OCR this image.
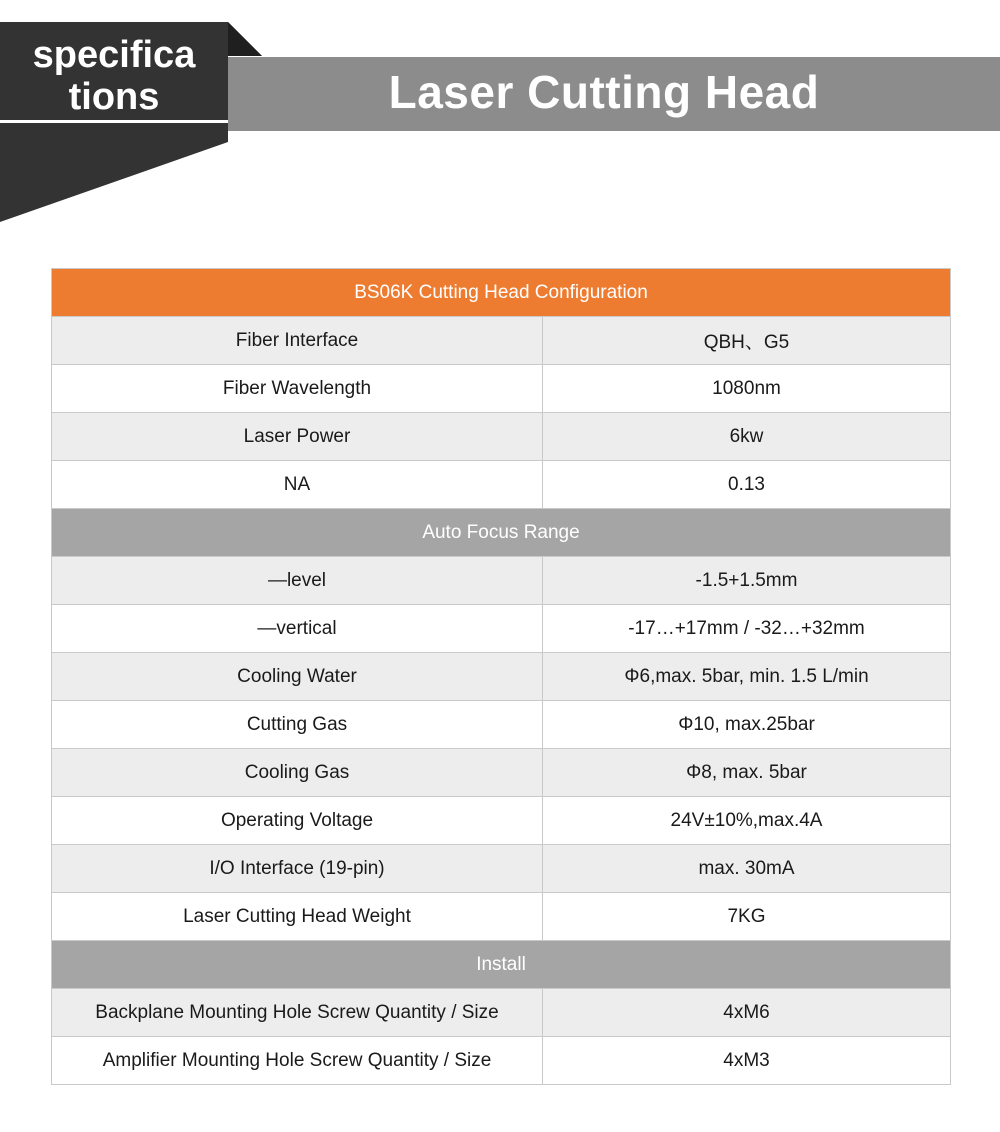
specifica
tions	Laser Cutting Head
BS06K Cutting Head Configuration	
Fiber Interface	QBH、G5
Fiber Wavelength	1080nm
Laser Power	6kw
NA	0.13
Auto Focus Range	
—level	-1.5+1.5mm
—vertical	-17…+17mm / -32…+32mm
Cooling Water	Φ6,max. 5bar, min. 1.5 L/min
Cutting Gas	Φ10, max.25bar
Cooling Gas	Φ8, max. 5bar
Operating Voltage	24V±10%,max.4A
I/O Interface (19-pin)	max. 30mA
Laser Cutting Head Weight	7KG
Install	
Backplane Mounting Hole Screw Quantity / Size	4xM6
Amplifier Mounting Hole Screw Quantity / Size	4xM3
